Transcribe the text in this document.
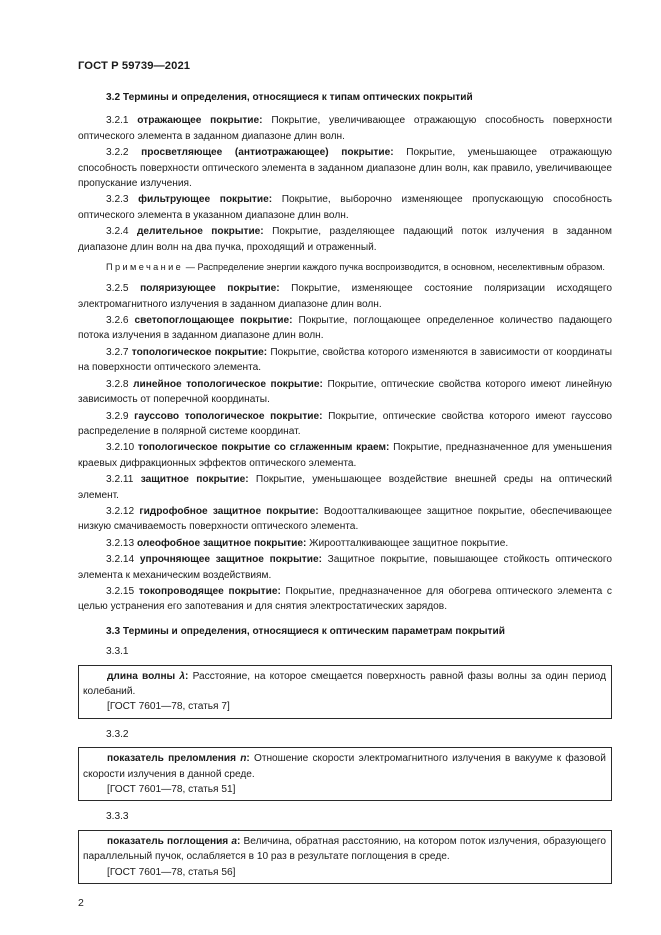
ГОСТ Р 59739—2021

3.2 Термины и определения, относящиеся к типам оптических покрытий

3.2.1 отражающее покрытие: Покрытие, увеличивающее отражающую способность поверхности оптического элемента в заданном диапазоне длин волн.

3.2.2 просветляющее (антиотражающее) покрытие: Покрытие, уменьшающее отражающую способность поверхности оптического элемента в заданном диапазоне длин волн, как правило, увеличивающее пропускание излучения.

3.2.3 фильтрующее покрытие: Покрытие, выборочно изменяющее пропускающую способность оптического элемента в указанном диапазоне длин волн.

3.2.4 делительное покрытие: Покрытие, разделяющее падающий поток излучения в заданном диапазоне длин волн на два пучка, проходящий и отраженный.

Примечание — Распределение энергии каждого пучка воспроизводится, в основном, неселективным образом.

3.2.5 поляризующее покрытие: Покрытие, изменяющее состояние поляризации исходящего электромагнитного излучения в заданном диапазоне длин волн.

3.2.6 светопоглощающее покрытие: Покрытие, поглощающее определенное количество падающего потока излучения в заданном диапазоне длин волн.

3.2.7 топологическое покрытие: Покрытие, свойства которого изменяются в зависимости от координаты на поверхности оптического элемента.

3.2.8 линейное топологическое покрытие: Покрытие, оптические свойства которого имеют линейную зависимость от поперечной координаты.

3.2.9 гауссово топологическое покрытие: Покрытие, оптические свойства которого имеют гауссово распределение в полярной системе координат.

3.2.10 топологическое покрытие со сглаженным краем: Покрытие, предназначенное для уменьшения краевых дифракционных эффектов оптического элемента.

3.2.11 защитное покрытие: Покрытие, уменьшающее воздействие внешней среды на оптический элемент.

3.2.12 гидрофобное защитное покрытие: Водоотталкивающее защитное покрытие, обеспечивающее низкую смачиваемость поверхности оптического элемента.

3.2.13 олеофобное защитное покрытие: Жироотталкивающее защитное покрытие.

3.2.14 упрочняющее защитное покрытие: Защитное покрытие, повышающее стойкость оптического элемента к механическим воздействиям.

3.2.15 токопроводящее покрытие: Покрытие, предназначенное для обогрева оптического элемента с целью устранения его запотевания и для снятия электростатических зарядов.

3.3 Термины и определения, относящиеся к оптическим параметрам покрытий

3.3.1

длина волны λ: Расстояние, на которое смещается поверхность равной фазы волны за один период колебаний.

[ГОСТ 7601—78, статья 7]

3.3.2

показатель преломления n: Отношение скорости электромагнитного излучения в вакууме к фазовой скорости излучения в данной среде.

[ГОСТ 7601—78, статья 51]

3.3.3

показатель поглощения a: Величина, обратная расстоянию, на котором поток излучения, образующего параллельный пучок, ослабляется в 10 раз в результате поглощения в среде.

[ГОСТ 7601—78, статья 56]

2
